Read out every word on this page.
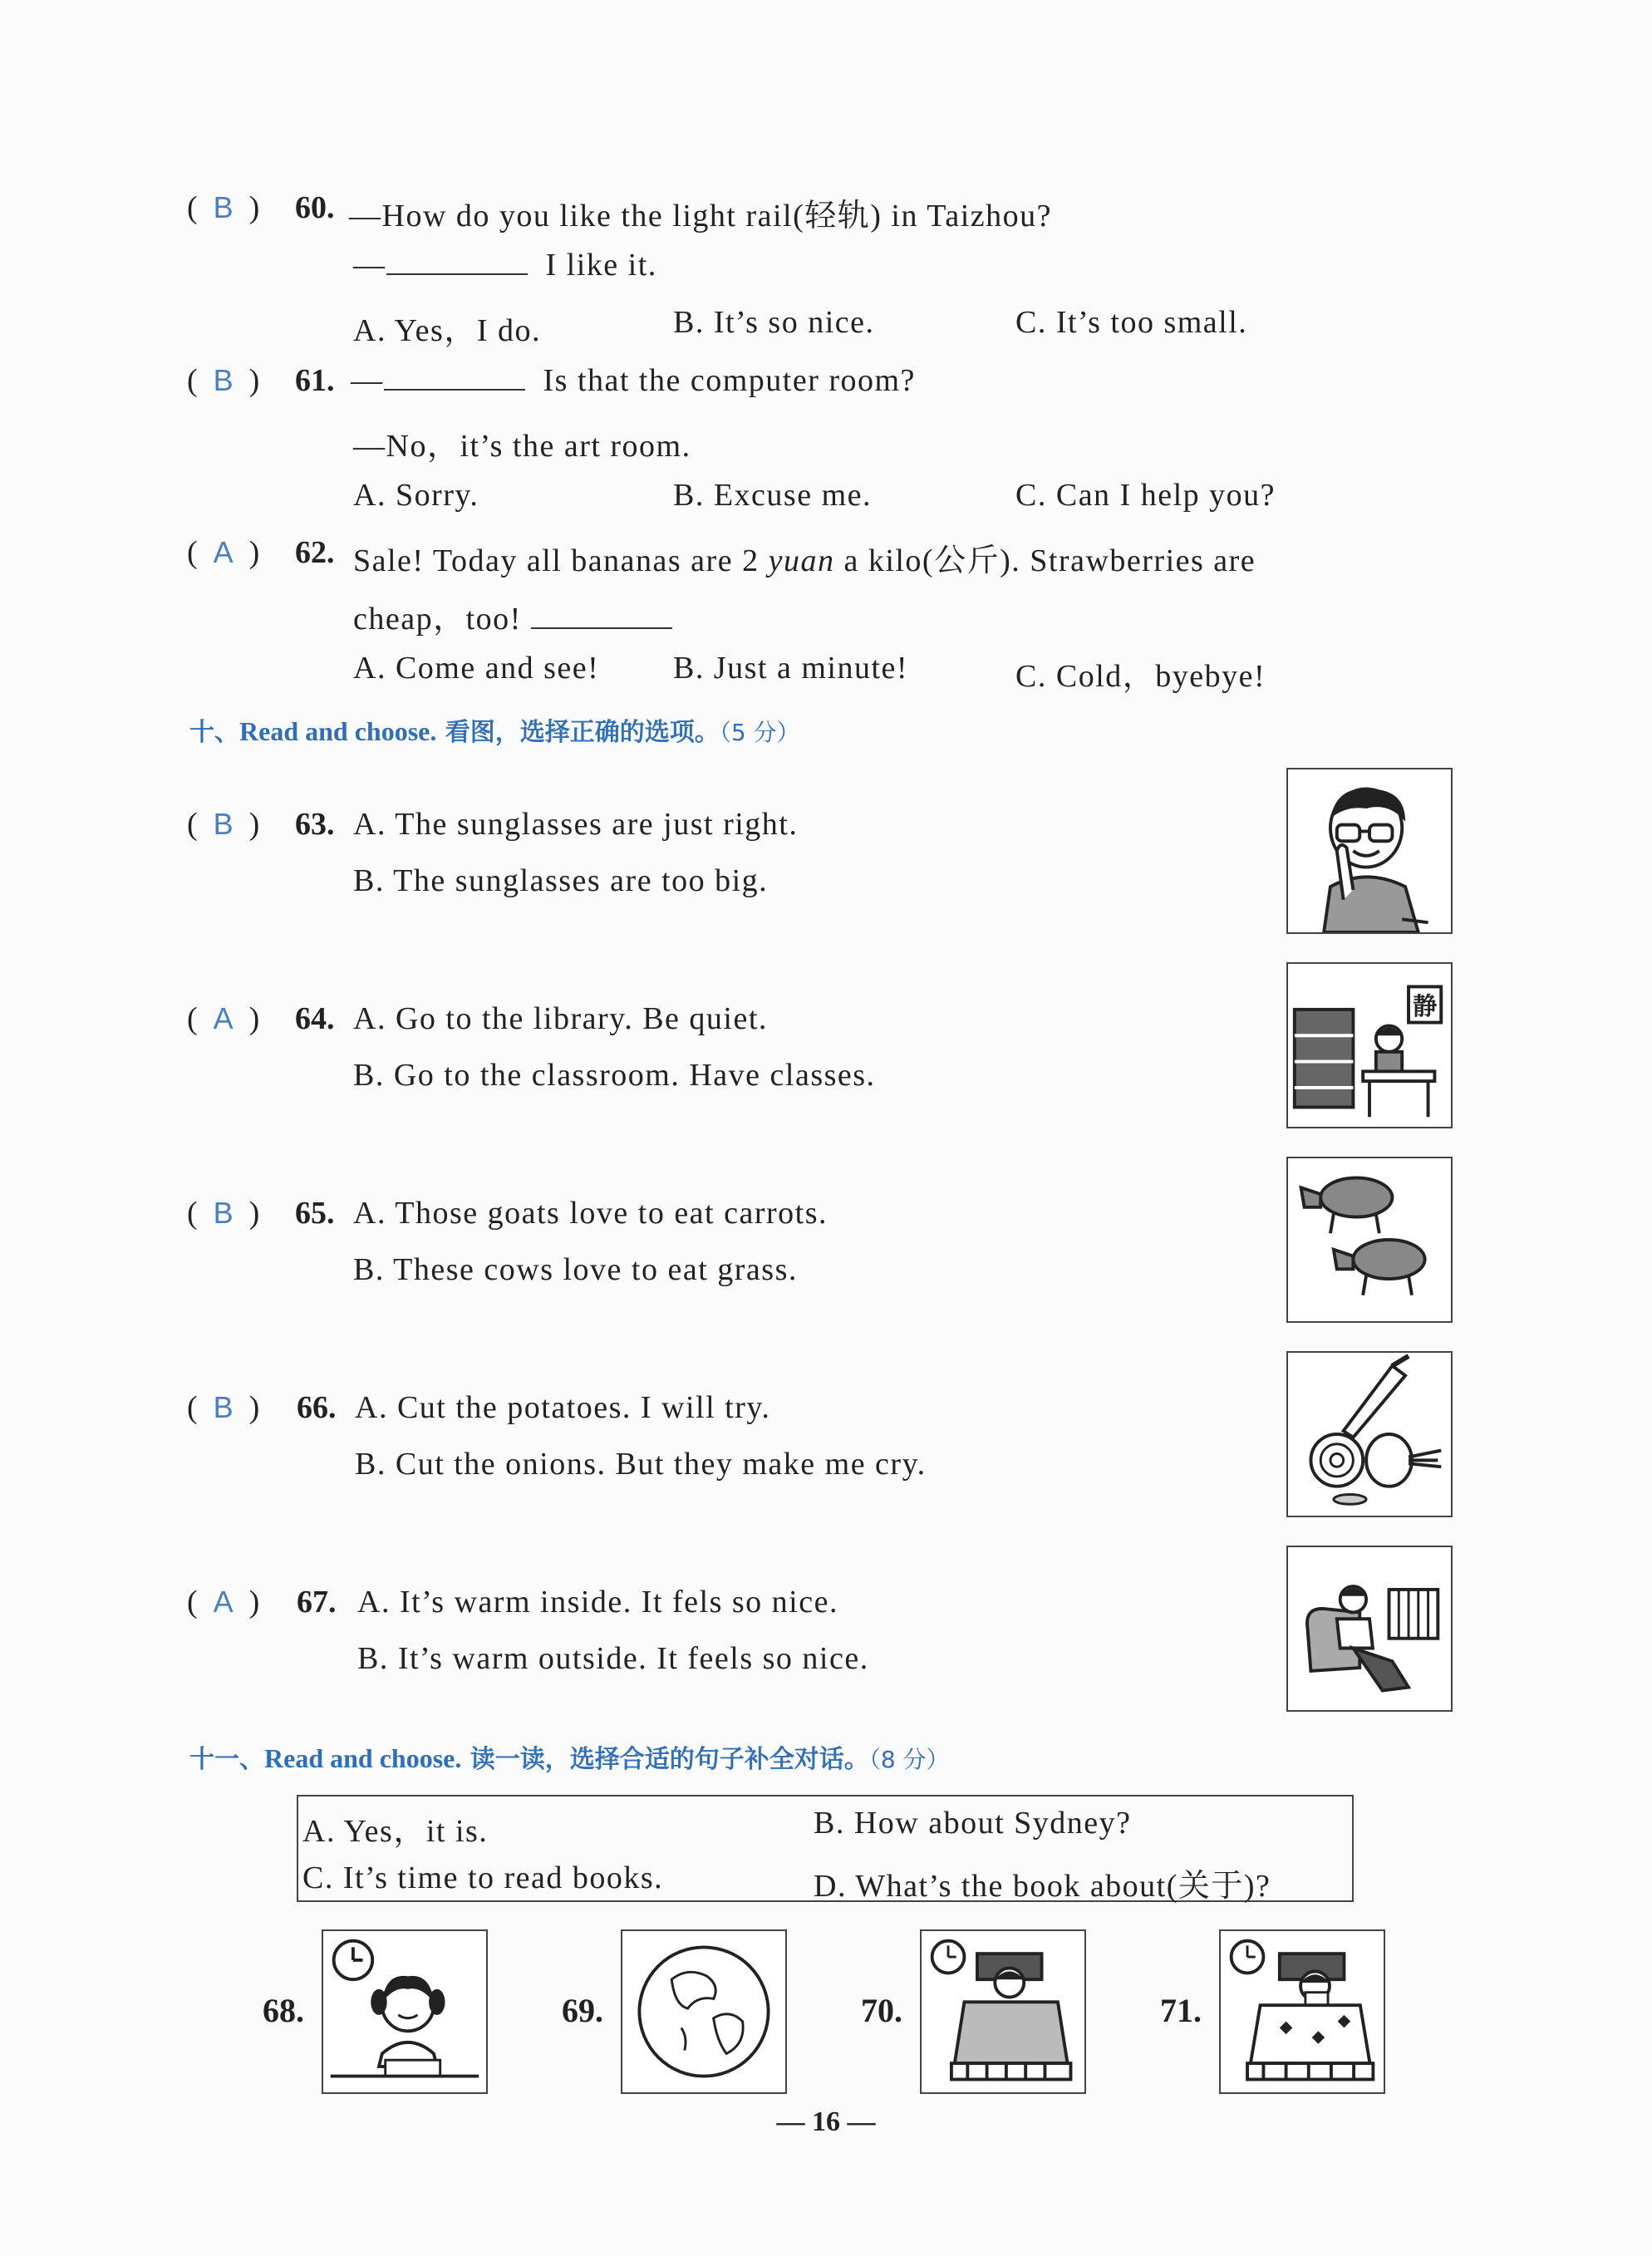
(  B  ) 60. —How do you like the light rail(轻轨) in Taizhou?
—	I like it.
A. Yes，I do.	B. It’s so nice.	C. It’s too small.
(  B  ) 61. —	Is that the computer room?
—No，it’s the art room.
A. Sorry.	B. Excuse me.	C. Can I help you?
(  A  ) 62. Sale! Today all bananas are 2 yuan a kilo(公斤). Strawberries are
cheap，too!
A. Come and see! B. Just a minute!	C. Cold，byebye!
十、Read and choose. 看图，选择正确的选项。（5 分）
(  B  ) 63. A. The sunglasses are just right.
B. The sunglasses are too big.
(  A  ) 64. A. Go to the library. Be quiet.
B. Go to the classroom. Have classes.
静
(  B  ) 65. A. Those goats love to eat carrots.
B. These cows love to eat grass.
(  B  ) 66. A. Cut the potatoes. I will try.
B. Cut the onions. But they make me cry.
(  A  ) 67. A. It’s warm inside. It fels so nice.
B. It’s warm outside. It feels so nice.
十一、Read and choose. 读一读，选择合适的句子补全对话。（8 分）
A. Yes，it is.	B. How about Sydney?
C. It’s time to read books.	D. What’s the book about(关于)?
68.	69.	70.	71.
— 16 —
